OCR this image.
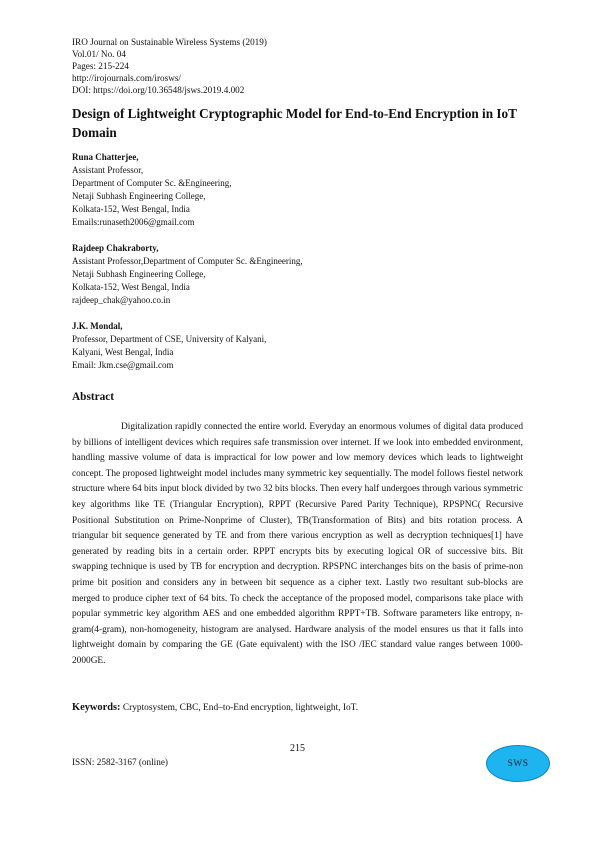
IRO Journal on Sustainable Wireless Systems (2019)
Vol.01/ No. 04
Pages: 215-224
http://irojournals.com/irosws/
DOI: https://doi.org/10.36548/jsws.2019.4.002
Design of Lightweight Cryptographic Model for End-to-End Encryption in IoT Domain
Runa Chatterjee,
Assistant Professor,
Department of Computer Sc. &Engineering,
Netaji Subhash Engineering College,
Kolkata-152, West Bengal, India
Emails:runaseth2006@gmail.com
Rajdeep Chakraborty,
Assistant Professor,Department of Computer Sc. &Engineering,
Netaji Subhash Engineering College,
Kolkata-152, West Bengal, India
rajdeep_chak@yahoo.co.in
J.K. Mondal,
Professor, Department of CSE, University of Kalyani,
Kalyani, West Bengal, India
Email: Jkm.cse@gmail.com
Abstract

Digitalization rapidly connected the entire world. Everyday an enormous volumes of digital data produced by billions of intelligent devices which requires safe transmission over internet. If we look into embedded environment, handling massive volume of data is impractical for low power and low memory devices which leads to lightweight concept. The proposed lightweight model includes many symmetric key sequentially. The model follows fiestel network structure where 64 bits input block divided by two 32 bits blocks. Then every half undergoes through various symmetric key algorithms like TE (Triangular Encryption), RPPT (Recursive Pared Parity Technique), RPSPNC( Recursive Positional Substitution on Prime-Nonprime of Cluster), TB(Transformation of Bits) and bits rotation process. A triangular bit sequence generated by TE and from there various encryption as well as decryption techniques[1] have generated by reading bits in a certain order. RPPT encrypts bits by executing logical OR of successive bits. Bit swapping technique is used by TB for encryption and decryption. RPSPNC interchanges bits on the basis of prime-non prime bit position and considers any in between bit sequence as a cipher text. Lastly two resultant sub-blocks are merged to produce cipher text of 64 bits. To check the acceptance of the proposed model, comparisons take place with popular symmetric key algorithm AES and one embedded algorithm RPPT+TB. Software parameters like entropy, n-gram(4-gram), non-homogeneity, histogram are analysed. Hardware analysis of the model ensures us that it falls into lightweight domain by comparing the GE (Gate equivalent) with the ISO /IEC standard value ranges between 1000-2000GE.

Keywords: Cryptosystem, CBC, End–to-End encryption, lightweight, IoT.

215
ISSN: 2582-3167 (online)	SWS
